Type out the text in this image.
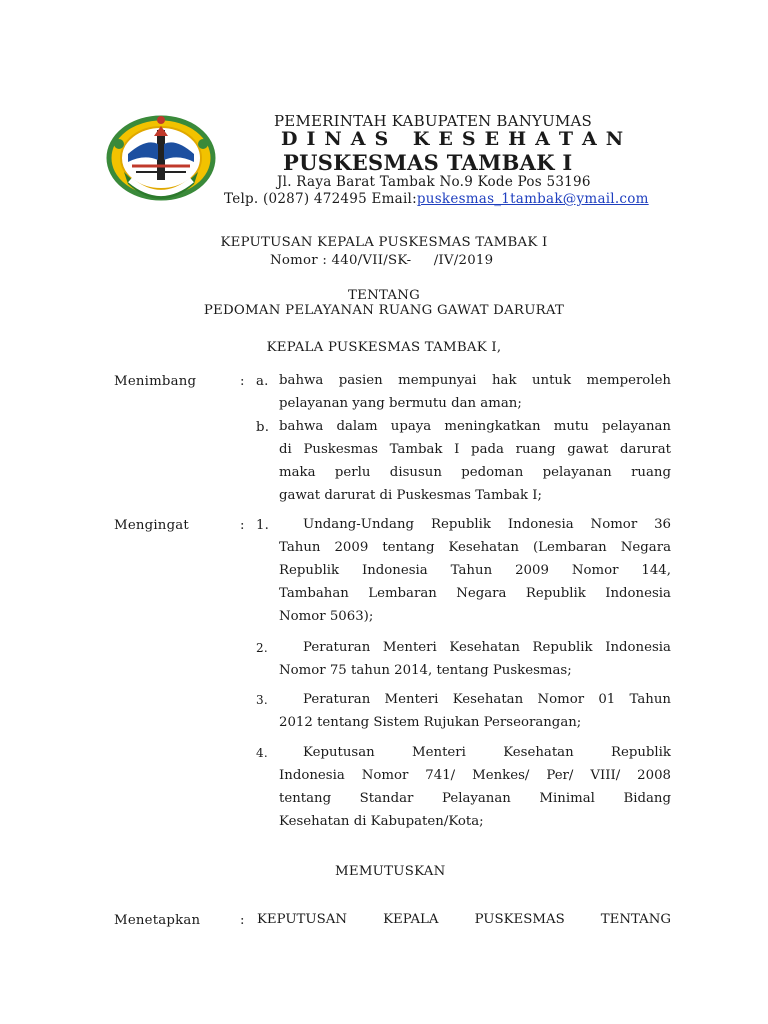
PEMERINTAH KABUPATEN BANYUMAS
D I N A S   K E S E H A T A N
PUSKESMAS TAMBAK I
Jl. Raya Barat Tambak No.9 Kode Pos 53196
Telp. (0287) 472495 Email:puskesmas_1tambak@ymail.com
KEPUTUSAN KEPALA PUSKESMAS TAMBAK I
Nomor : 440/VII/SK-     /IV/2019
TENTANG
PEDOMAN PELAYANAN RUANG GAWAT DARURAT
KEPALA PUSKESMAS TAMBAK I,
Menimbang	: a. bahwa pasien mempunyai hak untuk memperoleh
pelayanan yang bermutu dan aman;
b. bahwa dalam upaya meningkatkan mutu pelayanan
di Puskesmas Tambak I pada ruang gawat darurat
maka perlu disusun pedoman pelayanan ruang
gawat darurat di Puskesmas Tambak I;
Mengingat	: 1.	Undang-Undang Republik Indonesia Nomor 36
Tahun 2009 tentang Kesehatan (Lembaran Negara
Republik Indonesia Tahun 2009 Nomor 144,
Tambahan Lembaran Negara Republik Indonesia
Nomor 5063);
2.	Peraturan Menteri Kesehatan Republik Indonesia
Nomor 75 tahun 2014, tentang Puskesmas;
3.	Peraturan Menteri Kesehatan Nomor 01 Tahun
2012 tentang Sistem Rujukan Perseorangan;
4.	Keputusan Menteri Kesehatan Republik
Indonesia Nomor 741/ Menkes/ Per/ VIII/ 2008
tentang Standar Pelayanan Minimal Bidang
Kesehatan di Kabupaten/Kota;
MEMUTUSKAN
Menetapkan	: KEPUTUSAN KEPALA PUSKESMAS TENTANG
